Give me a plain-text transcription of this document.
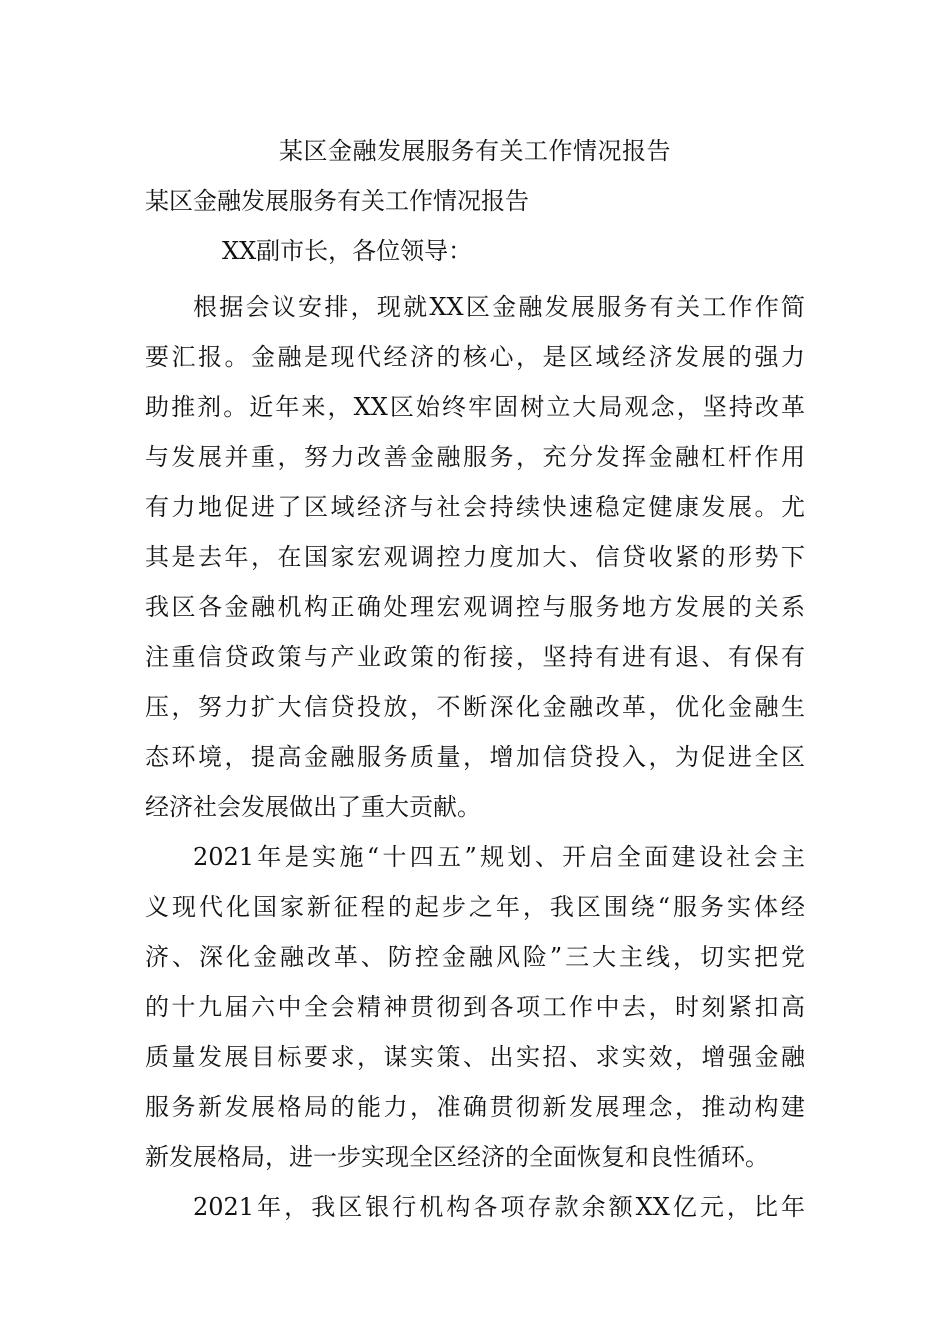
某区金融发展服务有关工作情况报告
某区金融发展服务有关工作情况报告

XX副市长，各位领导：

根据会议安排，现就XX区金融发展服务有关工作作简
要汇报。金融是现代经济的核心，是区域经济发展的强力
助推剂。近年来，XX区始终牢固树立大局观念，坚持改革
与发展并重，努力改善金融服务，充分发挥金融杠杆作用
有力地促进了区域经济与社会持续快速稳定健康发展。尤
其是去年，在国家宏观调控力度加大、信贷收紧的形势下
我区各金融机构正确处理宏观调控与服务地方发展的关系
注重信贷政策与产业政策的衔接，坚持有进有退、有保有
压，努力扩大信贷投放，不断深化金融改革，优化金融生
态环境，提高金融服务质量，增加信贷投入，为促进全区
经济社会发展做出了重大贡献。
2021年是实施“十四五”规划、开启全面建设社会主
义现代化国家新征程的起步之年，我区围绕“服务实体经
济、深化金融改革、防控金融风险”三大主线，切实把党
的十九届六中全会精神贯彻到各项工作中去，时刻紧扣高
质量发展目标要求，谋实策、出实招、求实效，增强金融
服务新发展格局的能力，准确贯彻新发展理念，推动构建
新发展格局，进一步实现全区经济的全面恢复和良性循环。
2021年，我区银行机构各项存款余额XX亿元，比年
